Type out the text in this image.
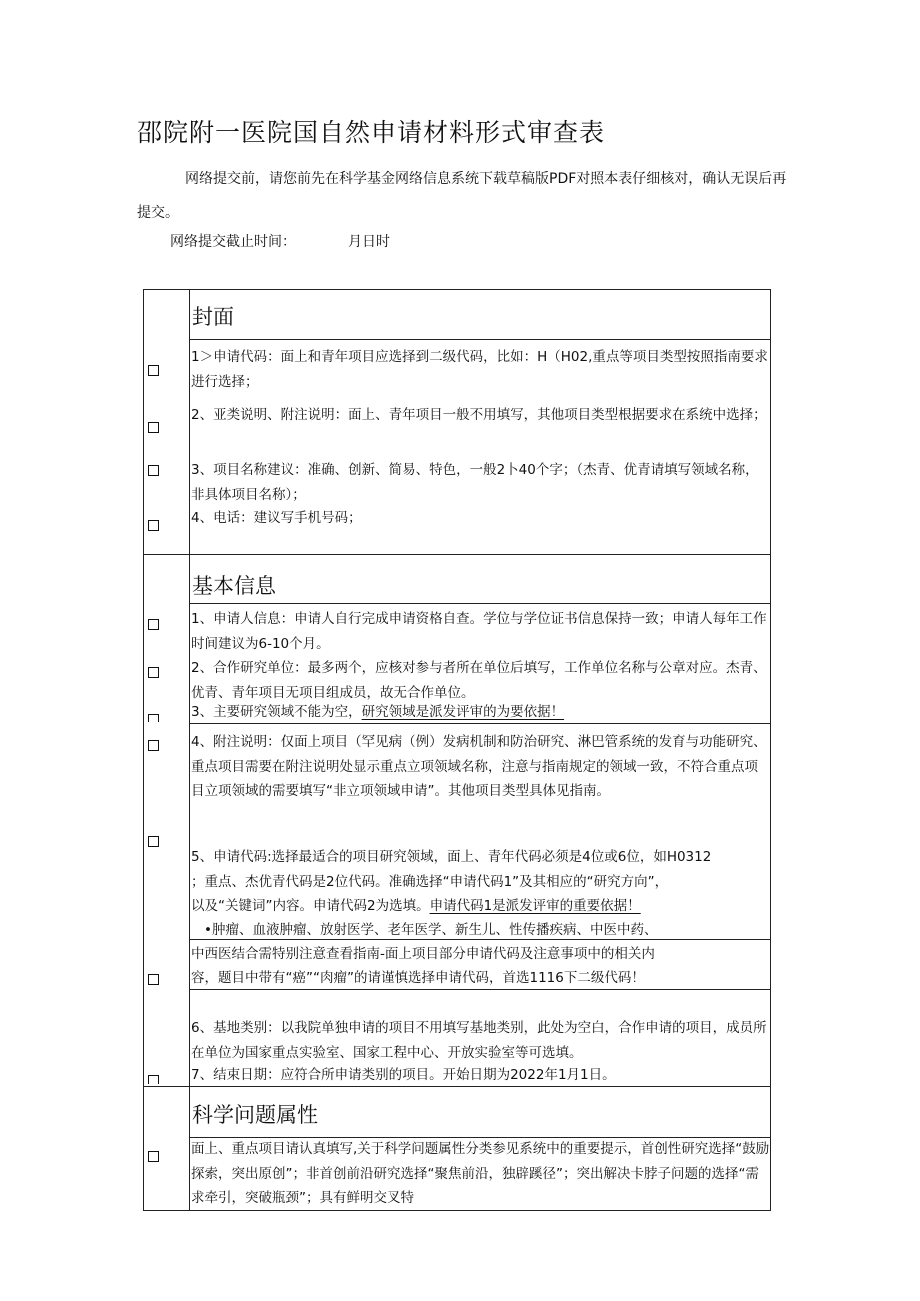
邵院附一医院国自然申请材料形式审查表
网络提交前，请您前先在科学基金网络信息系统下载草稿版PDF对照本表仔细核对，确认无误后再提交。
网络提交截止时间：	月日时
封面
1＞申请代码：面上和青年项目应选择到二级代码，比如：H（H02,重点等项目类型按照指南要求进行选择；
2、亚类说明、附注说明：面上、青年项目一般不用填写，其他项目类型根据要求在系统中选择；
3、项目名称建议：准确、创新、简易、特色，一般2卜40个字；（杰青、优青请填写领域名称，非具体项目名称）；
4、电话：建议写手机号码；
基本信息
1、申请人信息：申请人自行完成申请资格自查。学位与学位证书信息保持一致；申请人每年工作时间建议为6-10个月。
2、合作研究单位：最多两个，应核对参与者所在单位后填写，工作单位名称与公章对应。杰青、优青、青年项目无项目组成员，故无合作单位。
3、主要研究领域不能为空，研究领域是派发评审的为要依据！
4、附注说明：仅面上项目（罕见病（例）发病机制和防治研究、淋巴管系统的发育与功能研究、重点项目需要在附注说明处显示重点立项领域名称，注意与指南规定的领域一致，不符合重点项目立项领域的需要填写“非立项领域申请”。其他项目类型具体见指南。
5、申请代码:选择最适合的项目研究领域，面上、青年代码必须是4位或6位，如H0312
；重点、杰优青代码是2位代码。准确选择“申请代码1”及其相应的“研究方向”，
以及“关键词”内容。申请代码2为选填。申请代码1是派发评审的重要依据！
•肿瘤、血液肿瘤、放射医学、老年医学、新生儿、性传播疾病、中医中药、
中西医结合需特别注意查看指南-面上项目部分申请代码及注意事项中的相关内
容，题目中带有“癌”“肉瘤”的请谨慎选择申请代码，首选1116下二级代码！
6、基地类别：以我院单独申请的项目不用填写基地类别，此处为空白，合作申请的项目，成员所在单位为国家重点实验室、国家工程中心、开放实验室等可选填。
7、结束日期：应符合所申请类别的项目。开始日期为2022年1月1日。
科学问题属性
面上、重点项目请认真填写,关于科学问题属性分类参见系统中的重要提示，首创性研究选择“鼓励探索，突出原创”；非首创前沿研究选择“聚焦前沿，独辟蹊径”；突出解决卡脖子问题的选择“需求牵引，突破瓶颈”；具有鲜明交叉特
